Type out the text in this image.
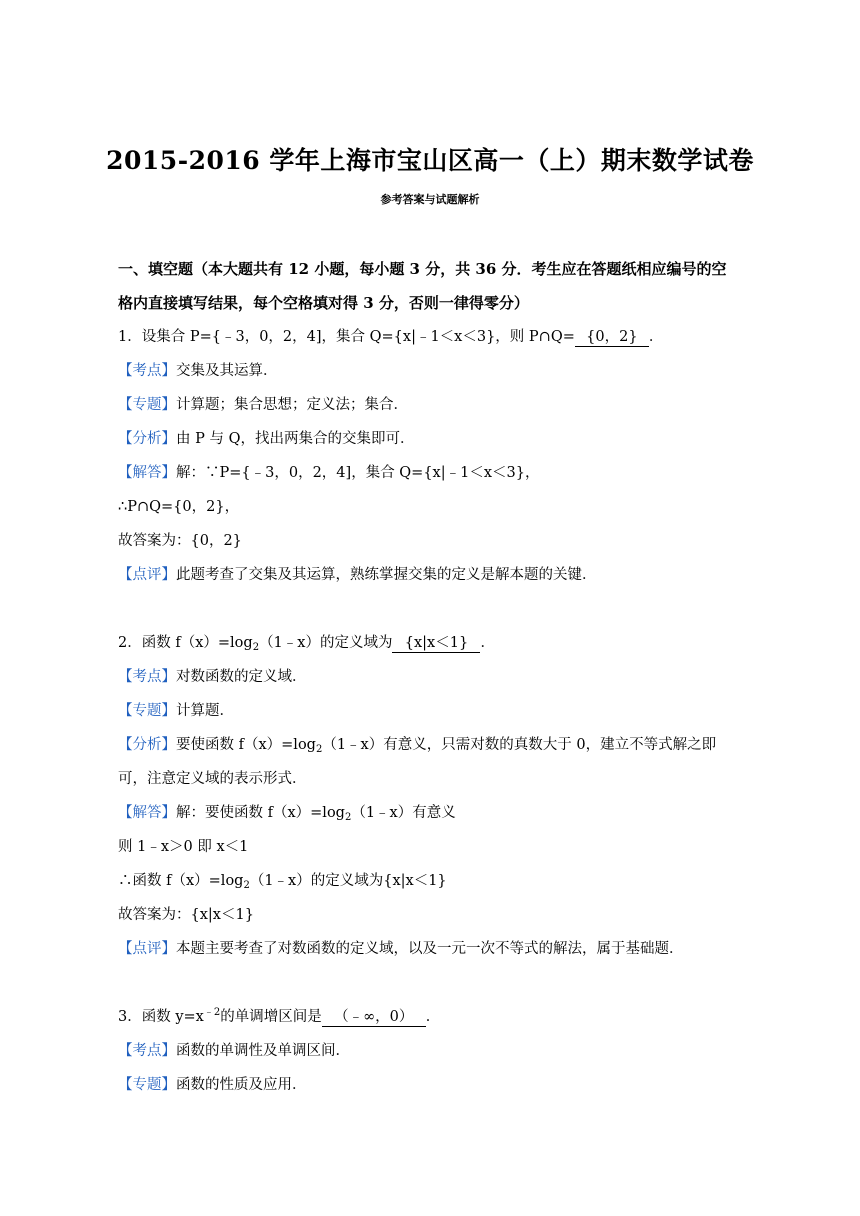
2015-2016 学年上海市宝山区高一（上）期末数学试卷
参考答案与试题解析
一、填空题（本大题共有 12 小题，每小题 3 分，共 36 分．考生应在答题纸相应编号的空
格内直接填写结果，每个空格填对得 3 分，否则一律得零分）
1．设集合 P={﹣3，0，2，4]，集合 Q={x|﹣1＜x＜3}，则 P∩Q= {0，2} ．
【考点】交集及其运算．
【专题】计算题；集合思想；定义法；集合．
【分析】由 P 与 Q，找出两集合的交集即可．
【解答】解：∵P={﹣3，0，2，4]，集合 Q={x|﹣1＜x＜3}，
∴P∩Q={0，2}，
故答案为：{0，2}
【点评】此题考查了交集及其运算，熟练掌握交集的定义是解本题的关键．
2．函数 $f(x)=\log_2(1﹣x)$的定义域为 {x|x＜1} ．
【考点】对数函数的定义域．
【专题】计算题．
【分析】要使函数 $f(x)=\log_2(1﹣x)$有意义，只需对数的真数大于 0，建立不等式解之即
可，注意定义域的表示形式．
【解答】解：要使函数 $f(x)=\log_2(1﹣x)$有意义
则 1﹣x＞0 即 x＜1
∴函数 $f(x)=\log_2(1﹣x)$的定义域为{x|x＜1}
故答案为：{x|x＜1}
【点评】本题主要考查了对数函数的定义域，以及一元一次不等式的解法，属于基础题．
3．函数 $y=x^{﹣2}$的单调增区间是 （﹣∞，0） ．
【考点】函数的单调性及单调区间．
【专题】函数的性质及应用．
